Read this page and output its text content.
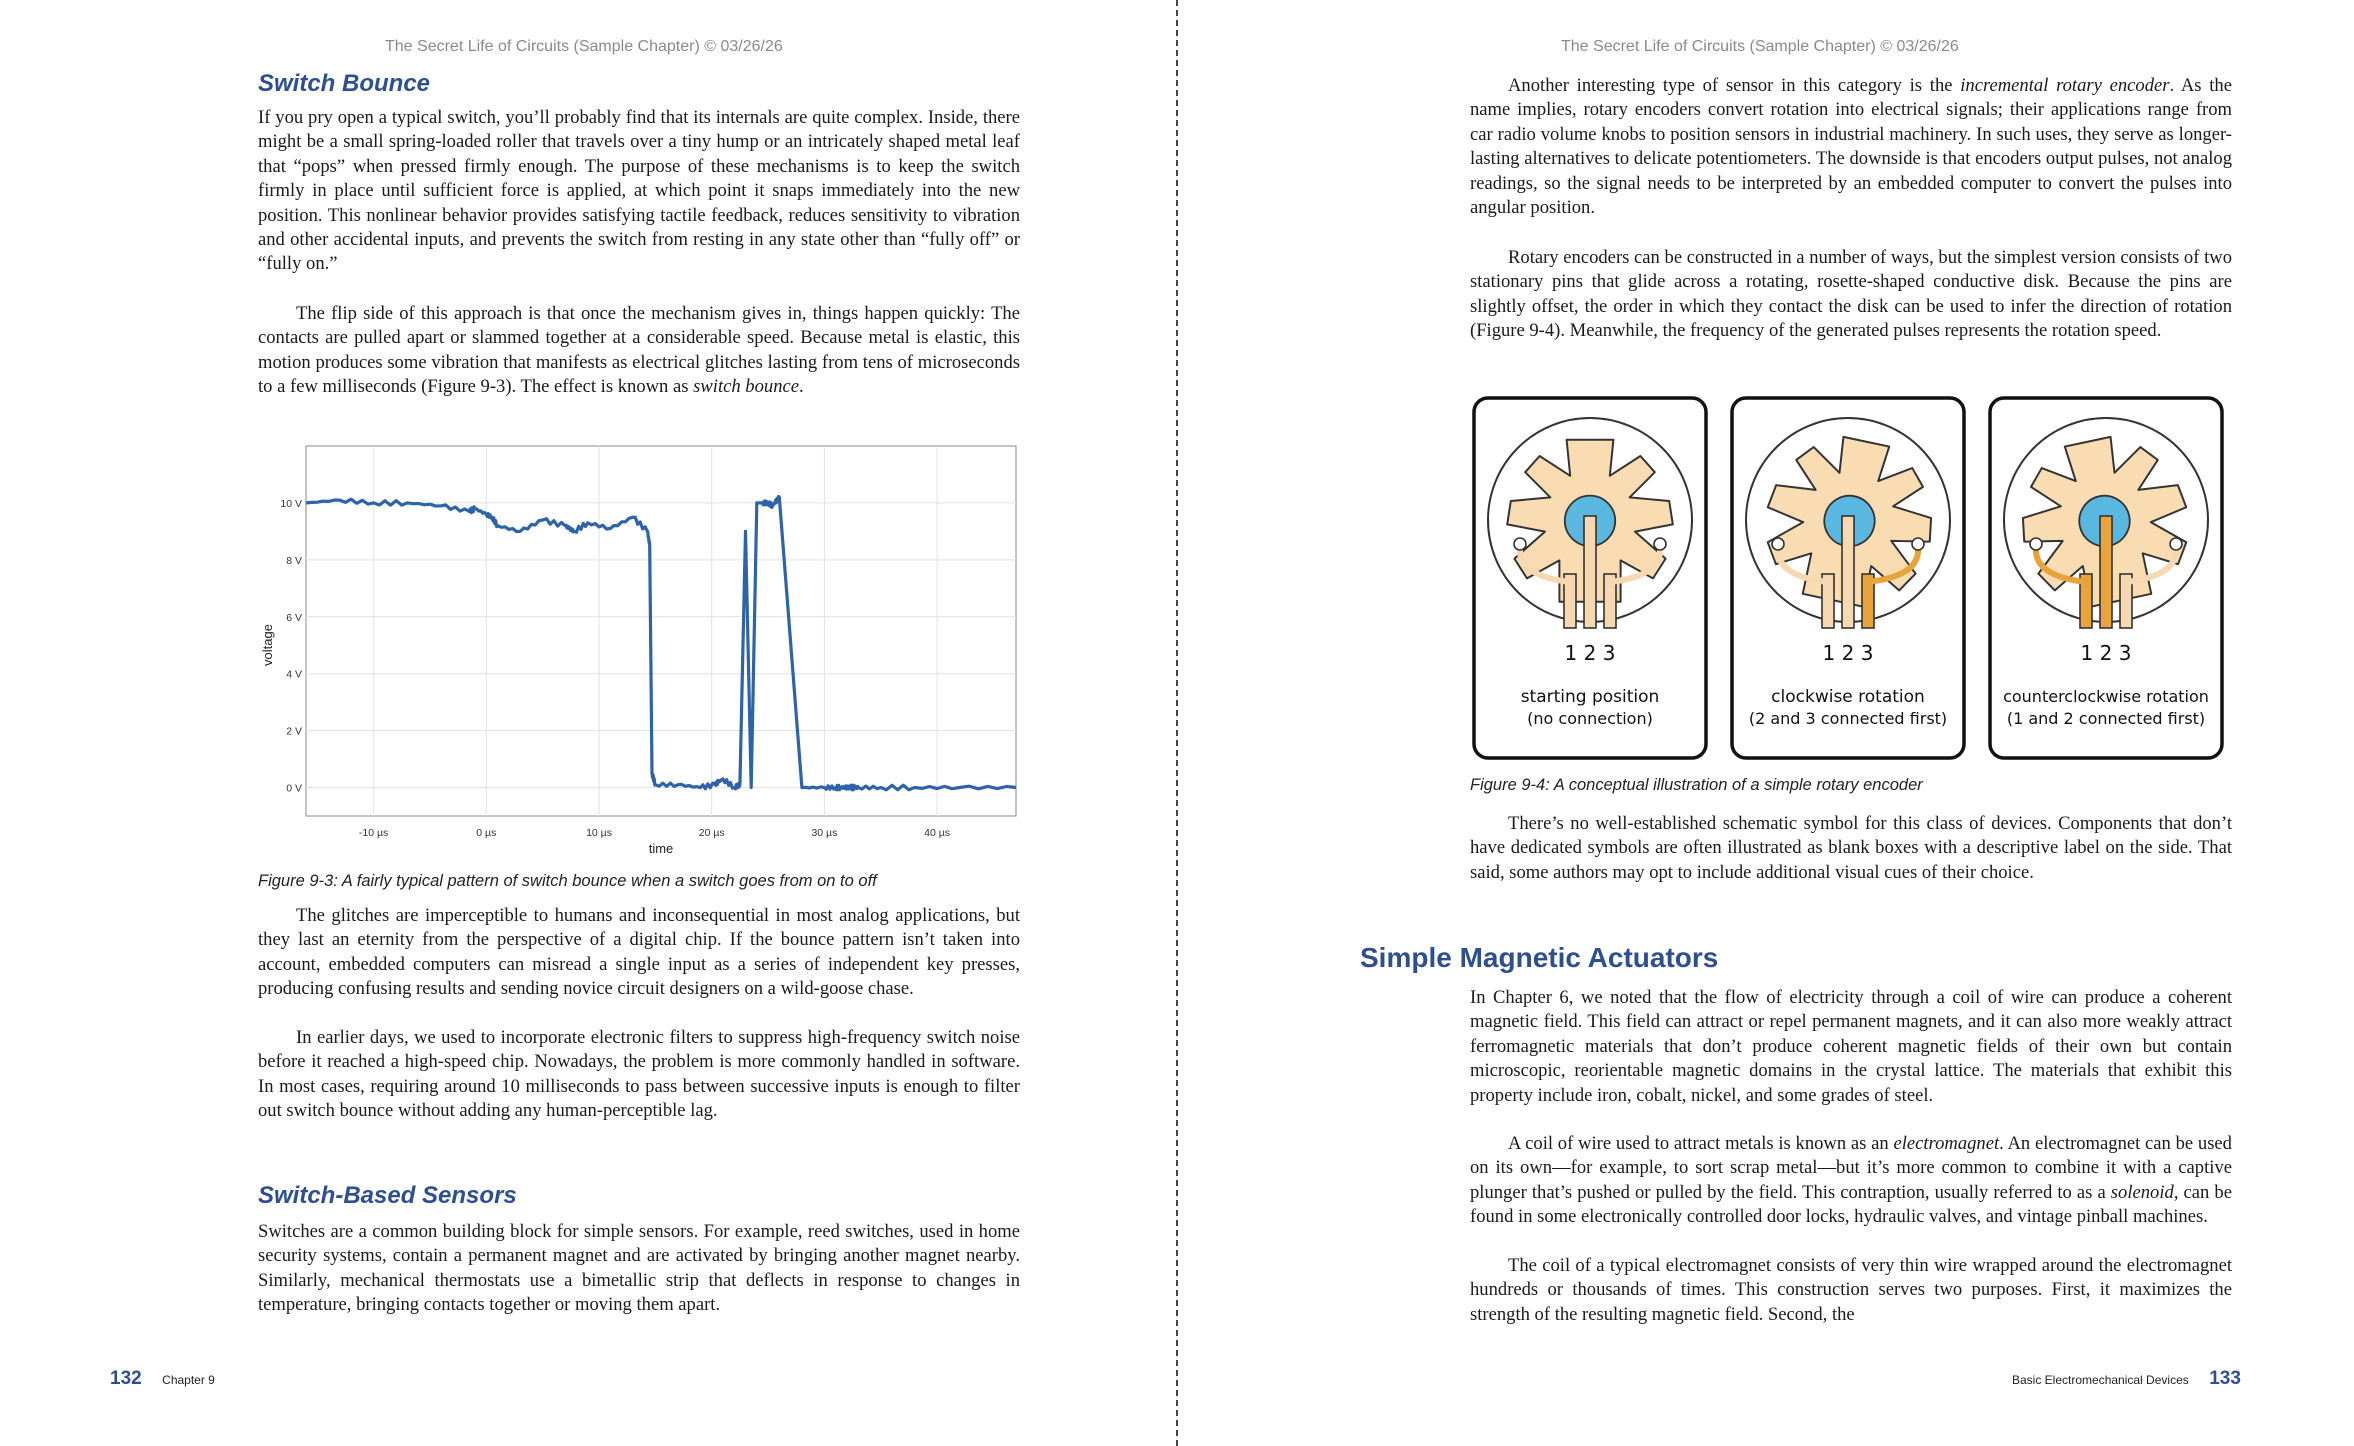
The Secret Life of Circuits (Sample Chapter) © 03/26/26
Switch Bounce

If you pry open a typical switch, you’ll probably find that its internals are quite complex. Inside, there might be a small spring-loaded roller that travels over a tiny hump or an intricately shaped metal leaf that “pops” when pressed firmly enough. The purpose of these mechanisms is to keep the switch firmly in place until sufficient force is applied, at which point it snaps immediately into the new position. This nonlinear behavior provides satisfying tactile feedback, reduces sensitivity to vibration and other accidental inputs, and prevents the switch from resting in any state other than “fully off” or “fully on.”

The flip side of this approach is that once the mechanism gives in, things happen quickly: The contacts are pulled apart or slammed together at a considerable speed. Because metal is elastic, this motion produces some vibration that manifests as electrical glitches lasting from tens of microseconds to a few milliseconds (Figure 9-3). The effect is known as switch bounce.

-10 µs	0 µs	10 µs	20 µs	30 µs	40 µs
0 V
2 V
4 V
6 V
8 V
10 V
time
voltage
Figure 9-3: A fairly typical pattern of switch bounce when a switch goes from on to off

The glitches are imperceptible to humans and inconsequential in most analog applications, but they last an eternity from the perspective of a digital chip. If the bounce pattern isn’t taken into account, embedded computers can misread a single input as a series of independent key presses, producing confusing results and sending novice circuit designers on a wild-goose chase.

In earlier days, we used to incorporate electronic filters to suppress high-frequency switch noise before it reached a high-speed chip. Nowadays, the problem is more commonly handled in software. In most cases, requiring around 10 milliseconds to pass between successive inputs is enough to filter out switch bounce without adding any human-perceptible lag.

Switch-Based Sensors

Switches are a common building block for simple sensors. For example, reed switches, used in home security systems, contain a permanent magnet and are activated by bringing another magnet nearby. Similarly, mechanical thermostats use a bimetallic strip that deflects in response to changes in temperature, bringing contacts together or moving them apart.

132 Chapter 9
The Secret Life of Circuits (Sample Chapter) © 03/26/26

Another interesting type of sensor in this category is the incremental rotary encoder. As the name implies, rotary encoders convert rotation into electrical signals; their applications range from car radio volume knobs to position sensors in industrial machinery. In such uses, they serve as longer-lasting alternatives to delicate potentiometers. The downside is that encoders output pulses, not analog readings, so the signal needs to be interpreted by an embedded computer to convert the pulses into angular position.

Rotary encoders can be constructed in a number of ways, but the simplest version consists of two stationary pins that glide across a rotating, rosette-shaped conductive disk. Because the pins are slightly offset, the order in which they contact the disk can be used to infer the direction of rotation (Figure 9-4). Meanwhile, the frequency of the generated pulses represents the rotation speed.

1 2 3
starting position
(no connection)
1 2 3
clockwise rotation
(2 and 3 connected first)
1 2 3
counterclockwise rotation
(1 and 2 connected first)
Figure 9-4: A conceptual illustration of a simple rotary encoder

There’s no well-established schematic symbol for this class of devices. Components that don’t have dedicated symbols are often illustrated as blank boxes with a descriptive label on the side. That said, some authors may opt to include additional visual cues of their choice.

Simple Magnetic Actuators

In Chapter 6, we noted that the flow of electricity through a coil of wire can produce a coherent magnetic field. This field can attract or repel permanent magnets, and it can also more weakly attract ferromagnetic materials that don’t produce coherent magnetic fields of their own but contain microscopic, reorientable magnetic domains in the crystal lattice. The materials that exhibit this property include iron, cobalt, nickel, and some grades of steel.

A coil of wire used to attract metals is known as an electromagnet. An electromagnet can be used on its own—for example, to sort scrap metal—but it’s more common to combine it with a captive plunger that’s pushed or pulled by the field. This contraption, usually referred to as a solenoid, can be found in some electronically controlled door locks, hydraulic valves, and vintage pinball machines.

The coil of a typical electromagnet consists of very thin wire wrapped around the electromagnet hundreds or thousands of times. This construction serves two purposes. First, it maximizes the strength of the resulting magnetic field. Second, the

Basic Electromechanical Devices 133
